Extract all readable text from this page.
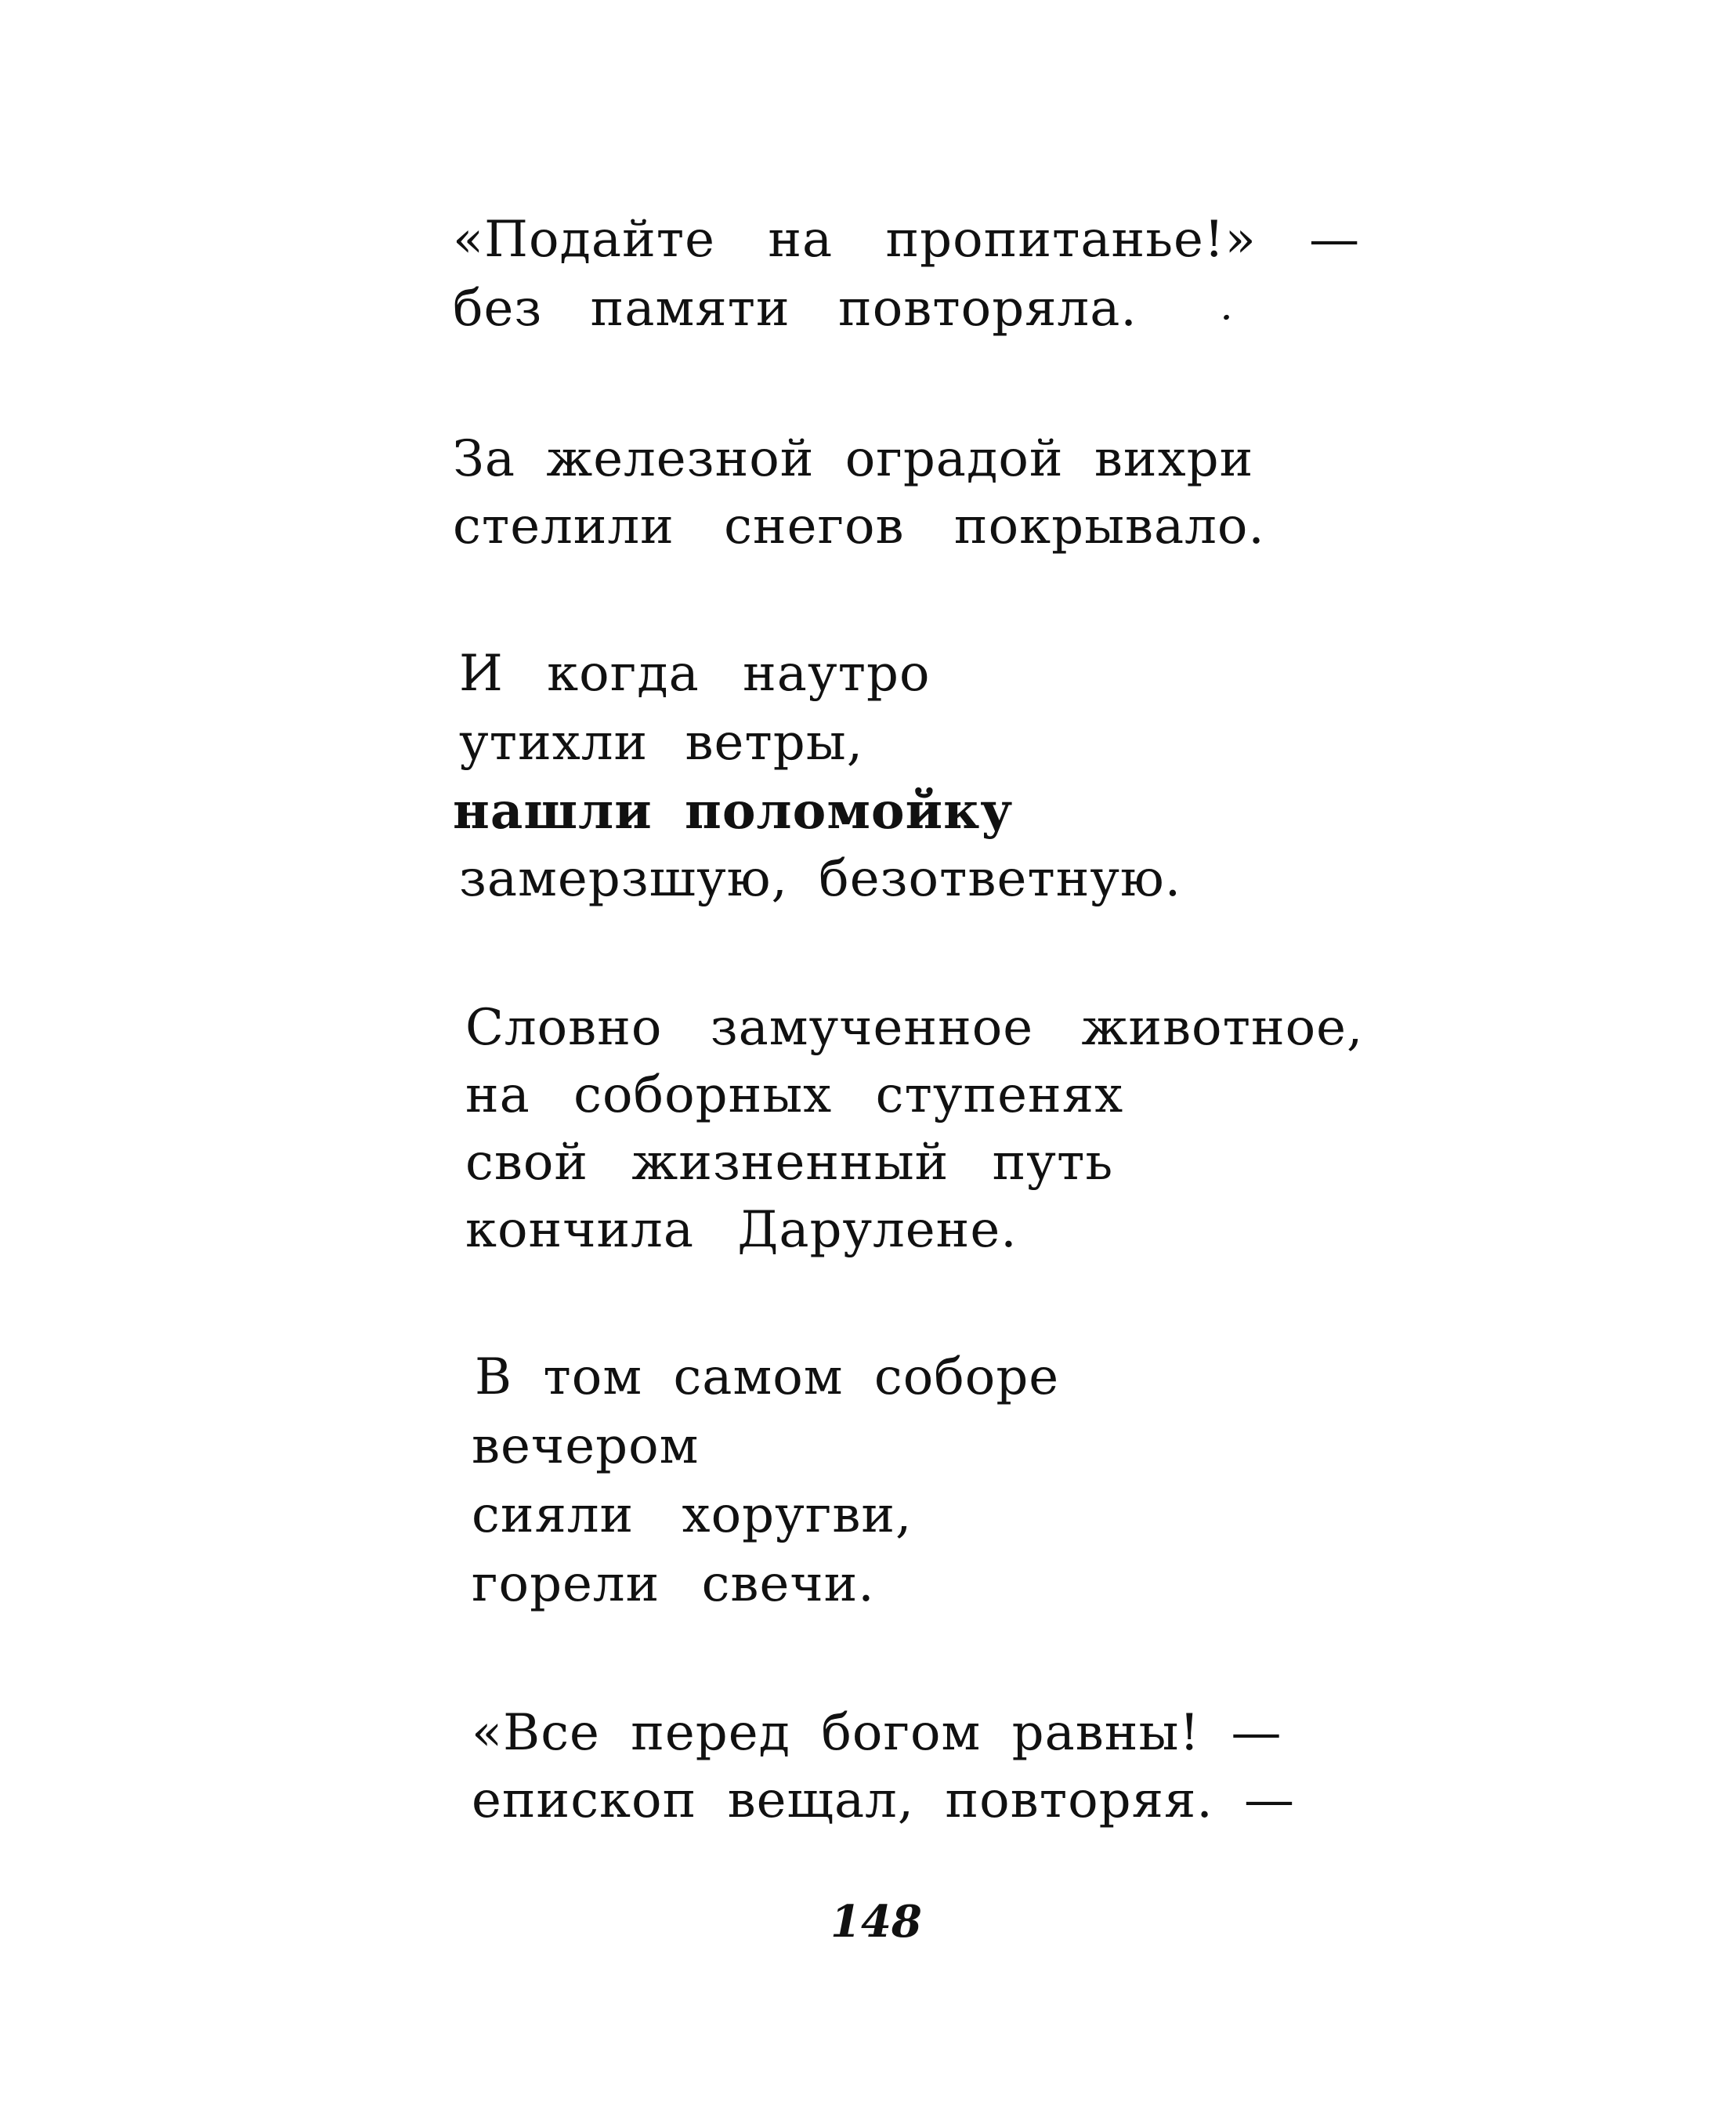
«Подайте на пропитанье!» —
без памяти повторяла.
За железной оградой вихри
стелили снегов покрывало.
И когда наутро
утихли ветры,
нашли поломойку
замерзшую, безответную.
Словно замученное животное,
на соборных ступенях
свой жизненный путь
кончила Дарулене.
В том самом соборе
вечером
сияли хоругви,
горели свечи.
«Все перед богом равны! —
епископ вещал, повторяя. —
148
